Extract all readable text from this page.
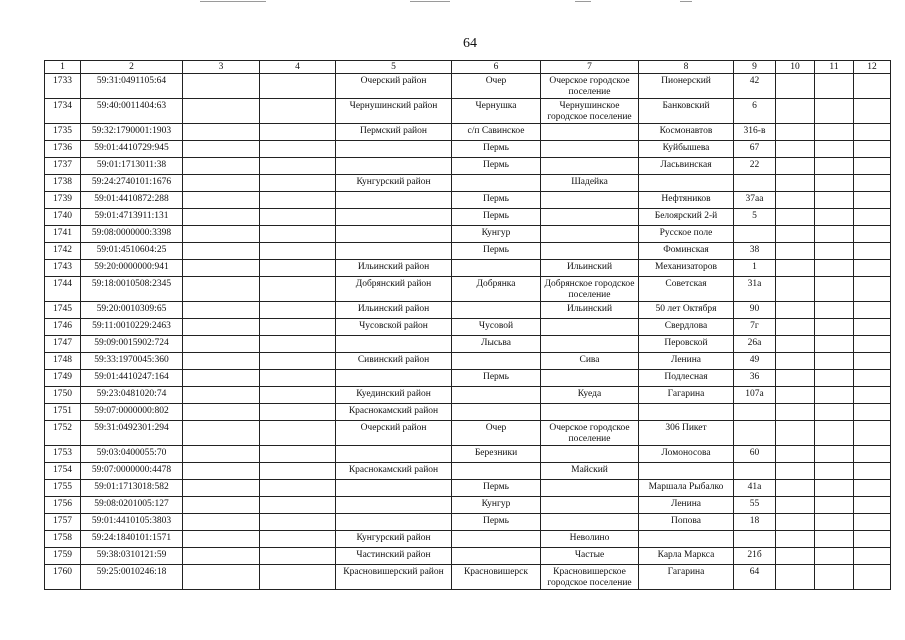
64
1	2	3	4	5	6	7	8	9	10	11	12
1733	59:31:0491105:64			Очерский район	Очер	Очерское городское поселение	Пионерский	42			
1734	59:40:0011404:63			Чернушинский район	Чернушка	Чернушинское городское поселение	Банковский	6			
1735	59:32:1790001:1903			Пермский район	с/п Савинское		Космонавтов	316-в			
1736	59:01:4410729:945				Пермь		Куйбышева	67			
1737	59:01:1713011:38				Пермь		Ласьвинская	22			
1738	59:24:2740101:1676			Кунгурский район		Шадейка					
1739	59:01:4410872:288				Пермь		Нефтяников	37аа			
1740	59:01:4713911:131				Пермь		Белоярский 2-й	5			
1741	59:08:0000000:3398				Кунгур		Русское поле				
1742	59:01:4510604:25				Пермь		Фоминская	38			
1743	59:20:0000000:941			Ильинский район		Ильинский	Механизаторов	1			
1744	59:18:0010508:2345			Добрянский район	Добрянка	Добрянское городское поселение	Советская	31а			
1745	59:20:0010309:65			Ильинский район		Ильинский	50 лет Октября	90			
1746	59:11:0010229:2463			Чусовской район	Чусовой		Свердлова	7г			
1747	59:09:0015902:724				Лысьва		Перовской	26а			
1748	59:33:1970045:360			Сивинский район		Сива	Ленина	49			
1749	59:01:4410247:164				Пермь		Подлесная	36			
1750	59:23:0481020:74			Куединский район		Куеда	Гагарина	107а			
1751	59:07:0000000:802			Краснокамский район							
1752	59:31:0492301:294			Очерский район	Очер	Очерское городское поселение	306 Пикет				
1753	59:03:0400055:70				Березники		Ломоносова	60			
1754	59:07:0000000:4478			Краснокамский район		Майский					
1755	59:01:1713018:582				Пермь		Маршала Рыбалко	41а			
1756	59:08:0201005:127				Кунгур		Ленина	55			
1757	59:01:4410105:3803				Пермь		Попова	18			
1758	59:24:1840101:1571			Кунгурский район		Неволино					
1759	59:38:0310121:59			Частинский район		Частые	Карла Маркса	21б			
1760	59:25:0010246:18			Красновишерский район	Красновишерск	Красновишерское городское поселение	Гагарина	64			
